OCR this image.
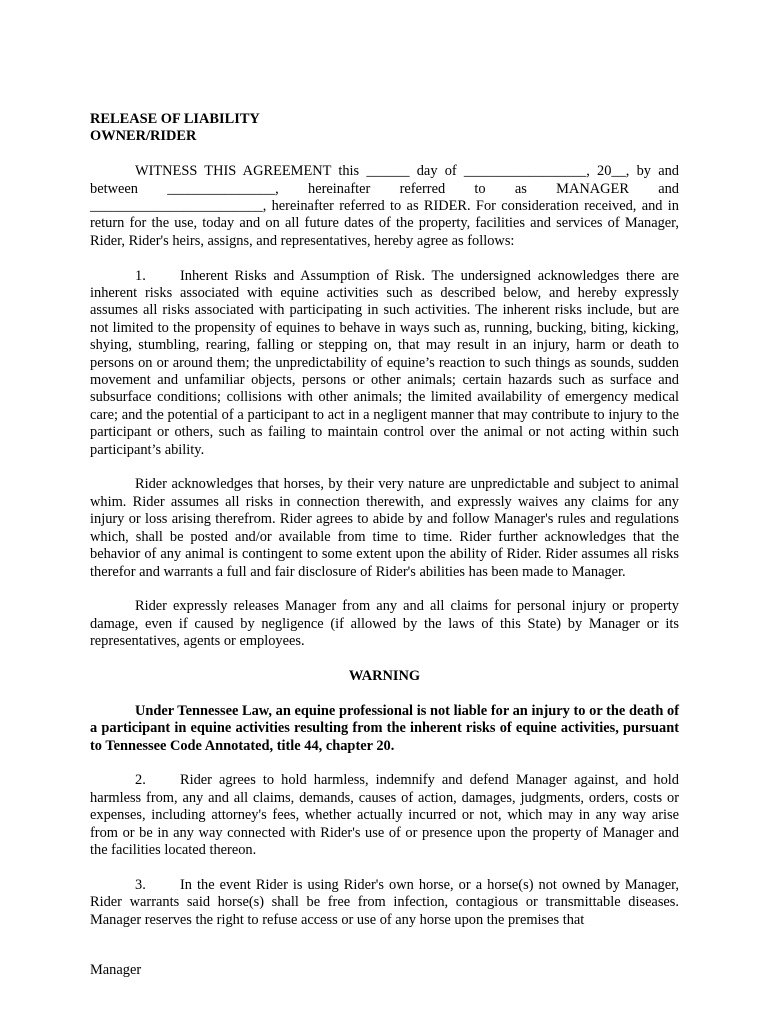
RELEASE OF LIABILITY

OWNER/RIDER

WITNESS THIS AGREEMENT this ______ day of _________________, 20__, by and between _______________, hereinafter referred to as MANAGER and ________________________, hereinafter referred to as RIDER. For consideration received, and in return for the use, today and on all future dates of the property, facilities and services of Manager, Rider, Rider's heirs, assigns, and representatives, hereby agree as follows:

1. Inherent Risks and Assumption of Risk. The undersigned acknowledges there are inherent risks associated with equine activities such as described below, and hereby expressly assumes all risks associated with participating in such activities. The inherent risks include, but are not limited to the propensity of equines to behave in ways such as, running, bucking, biting, kicking, shying, stumbling, rearing, falling or stepping on, that may result in an injury, harm or death to persons on or around them; the unpredictability of equine’s reaction to such things as sounds, sudden movement and unfamiliar objects, persons or other animals; certain hazards such as surface and subsurface conditions; collisions with other animals; the limited availability of emergency medical care; and the potential of a participant to act in a negligent manner that may contribute to injury to the participant or others, such as failing to maintain control over the animal or not acting within such participant’s ability.

Rider acknowledges that horses, by their very nature are unpredictable and subject to animal whim. Rider assumes all risks in connection therewith, and expressly waives any claims for any injury or loss arising therefrom. Rider agrees to abide by and follow Manager's rules and regulations which, shall be posted and/or available from time to time. Rider further acknowledges that the behavior of any animal is contingent to some extent upon the ability of Rider. Rider assumes all risks therefor and warrants a full and fair disclosure of Rider's abilities has been made to Manager.

Rider expressly releases Manager from any and all claims for personal injury or property damage, even if caused by negligence (if allowed by the laws of this State) by Manager or its representatives, agents or employees.

WARNING

Under Tennessee Law, an equine professional is not liable for an injury to or the death of a participant in equine activities resulting from the inherent risks of equine activities, pursuant to Tennessee Code Annotated, title 44, chapter 20.

2. Rider agrees to hold harmless, indemnify and defend Manager against, and hold harmless from, any and all claims, demands, causes of action, damages, judgments, orders, costs or expenses, including attorney's fees, whether actually incurred or not, which may in any way arise from or be in any way connected with Rider's use of or presence upon the property of Manager and the facilities located thereon.

3. In the event Rider is using Rider's own horse, or a horse(s) not owned by Manager, Rider warrants said horse(s) shall be free from infection, contagious or transmittable diseases. Manager reserves the right to refuse access or use of any horse upon the premises that

Manager
